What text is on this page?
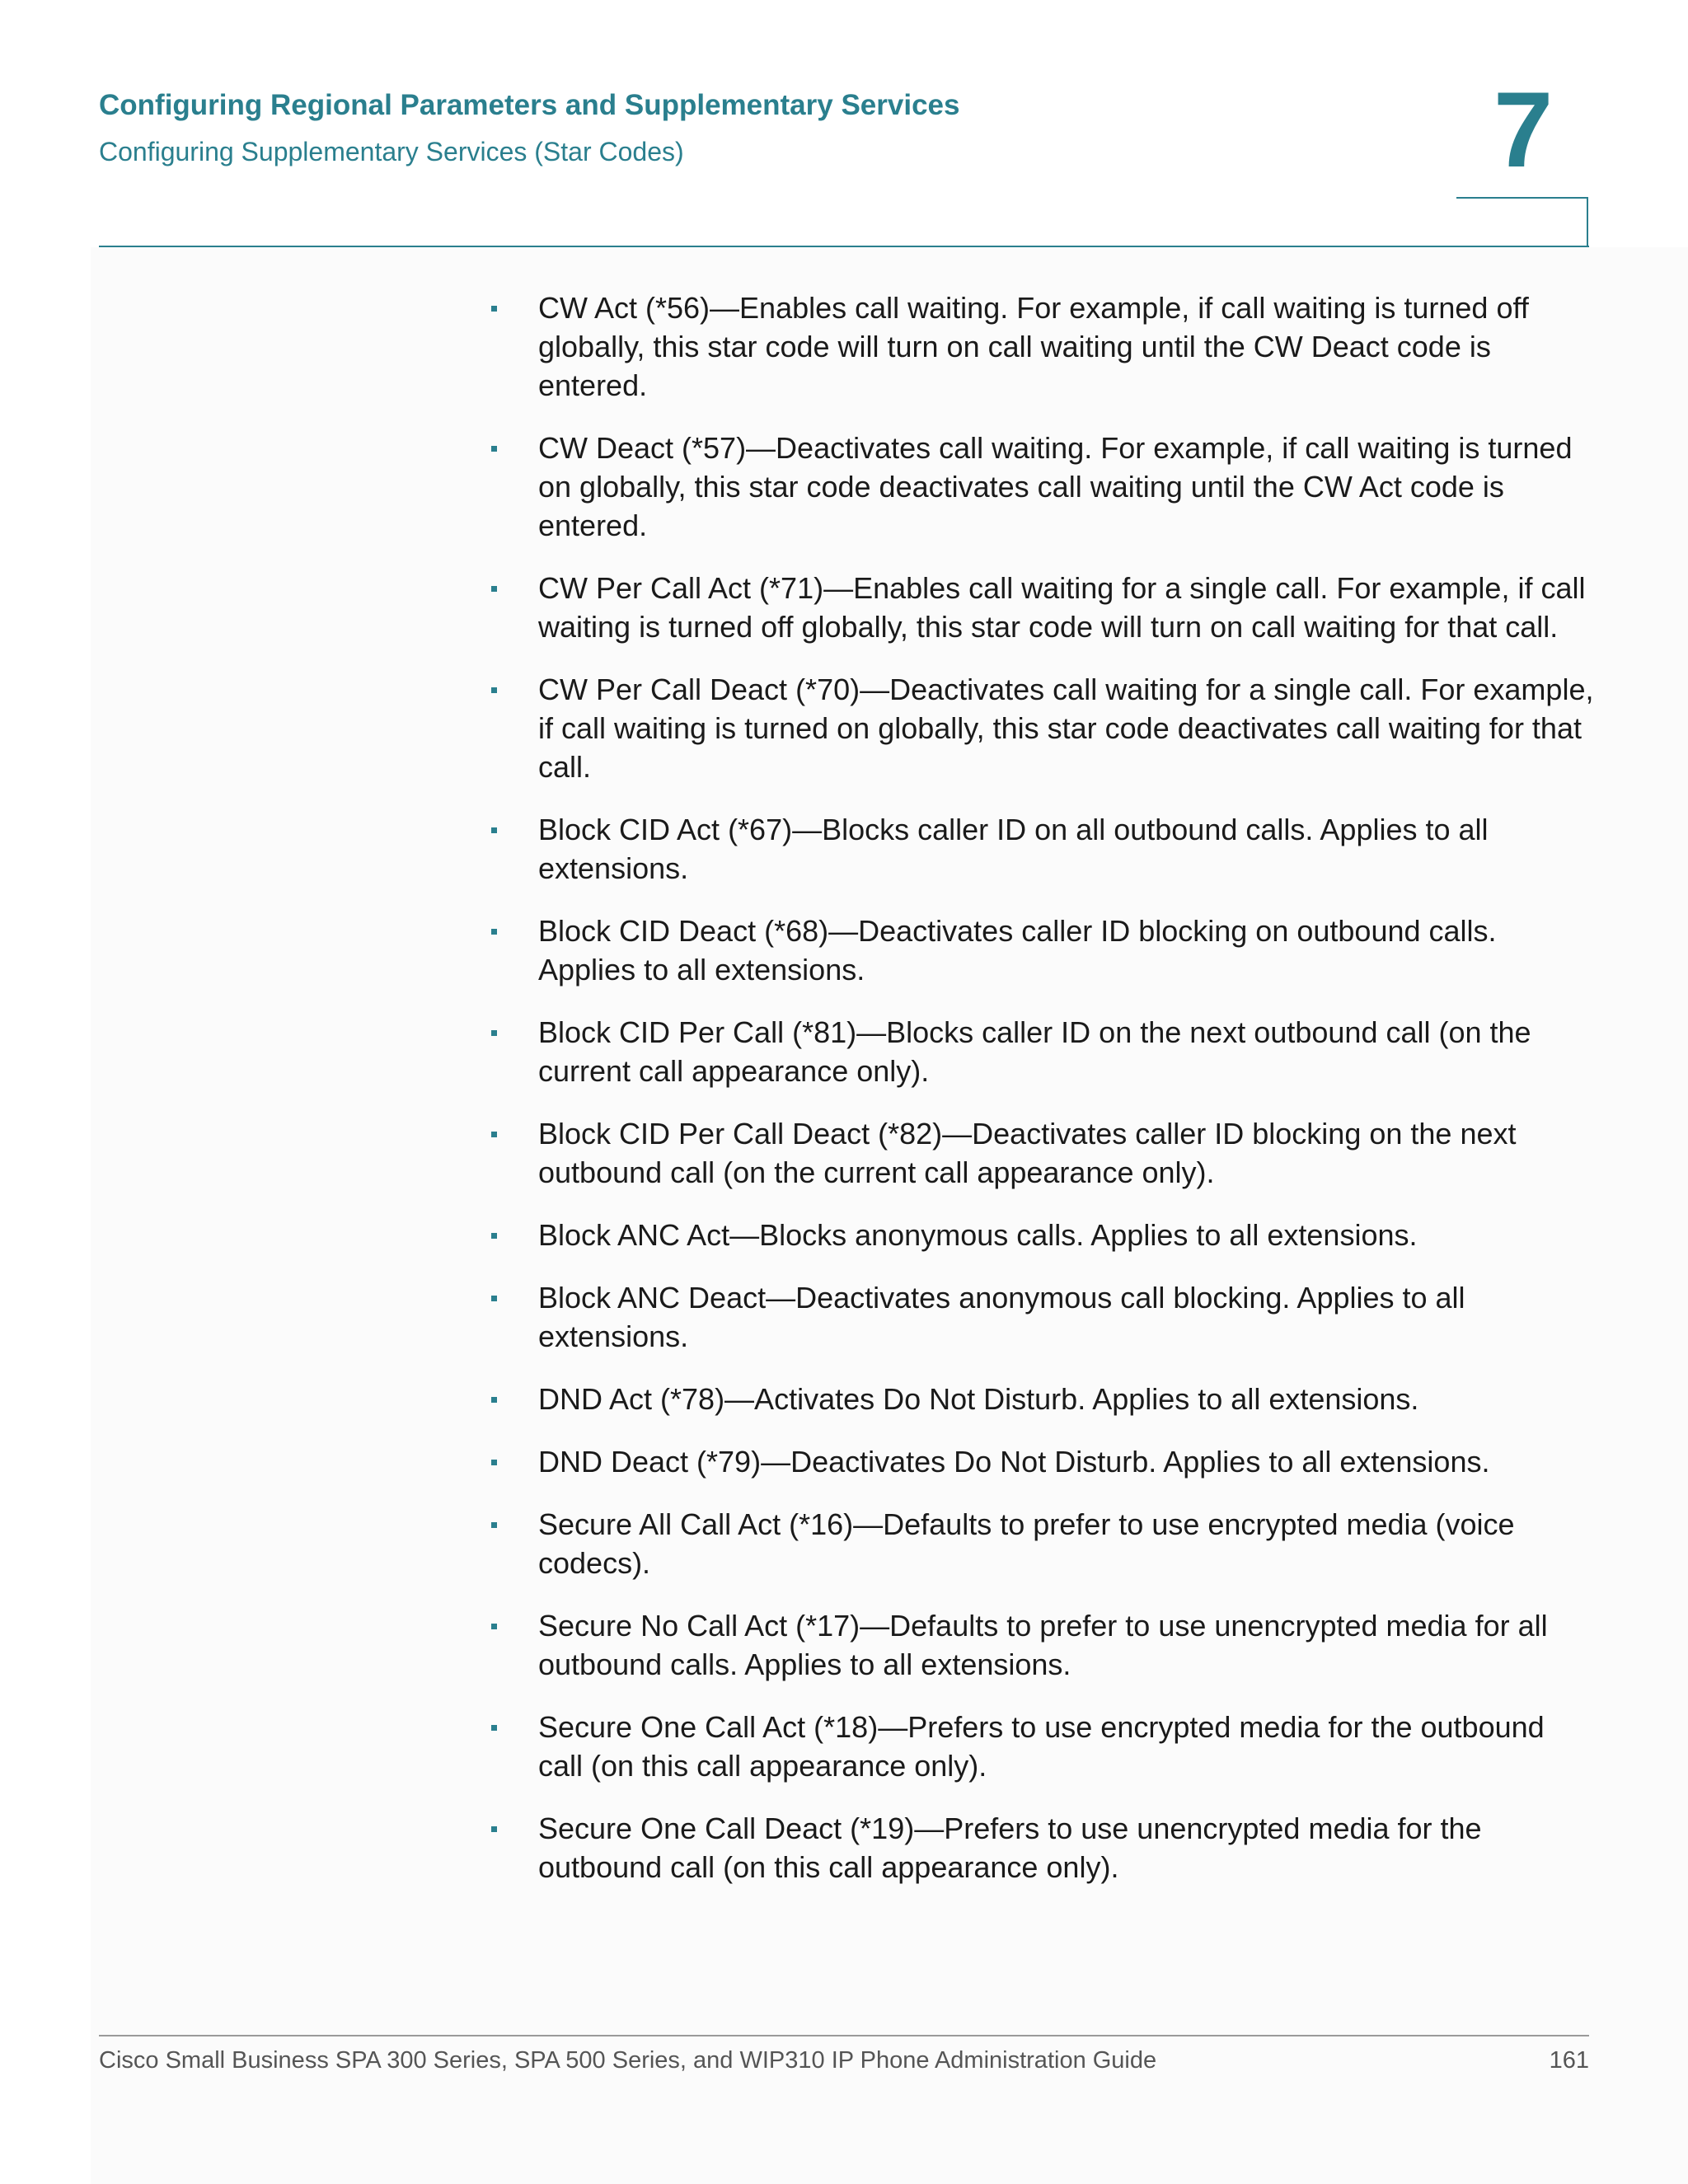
Configuring Regional Parameters and Supplementary Services
Configuring Supplementary Services (Star Codes)	7
CW Act (*56)—Enables call waiting. For example, if call waiting is turned off globally, this star code will turn on call waiting until the CW Deact code is entered.
CW Deact (*57)—Deactivates call waiting. For example, if call waiting is turned on globally, this star code deactivates call waiting until the CW Act code is entered.
CW Per Call Act (*71)—Enables call waiting for a single call. For example, if call waiting is turned off globally, this star code will turn on call waiting for that call.
CW Per Call Deact (*70)—Deactivates call waiting for a single call. For example, if call waiting is turned on globally, this star code deactivates call waiting for that call.
Block CID Act (*67)—Blocks caller ID on all outbound calls. Applies to all extensions.
Block CID Deact (*68)—Deactivates caller ID blocking on outbound calls. Applies to all extensions.
Block CID Per Call (*81)—Blocks caller ID on the next outbound call (on the current call appearance only).
Block CID Per Call Deact (*82)—Deactivates caller ID blocking on the next outbound call (on the current call appearance only).
Block ANC Act—Blocks anonymous calls. Applies to all extensions.
Block ANC Deact—Deactivates anonymous call blocking. Applies to all extensions.
DND Act (*78)—Activates Do Not Disturb. Applies to all extensions.
DND Deact (*79)—Deactivates Do Not Disturb. Applies to all extensions.
Secure All Call Act (*16)—Defaults to prefer to use encrypted media (voice codecs).
Secure No Call Act (*17)—Defaults to prefer to use unencrypted media for all outbound calls. Applies to all extensions.
Secure One Call Act (*18)—Prefers to use encrypted media for the outbound call (on this call appearance only).
Secure One Call Deact (*19)—Prefers to use unencrypted media for the outbound call (on this call appearance only).
Cisco Small Business SPA 300 Series, SPA 500 Series, and WIP310 IP Phone Administration Guide	161
